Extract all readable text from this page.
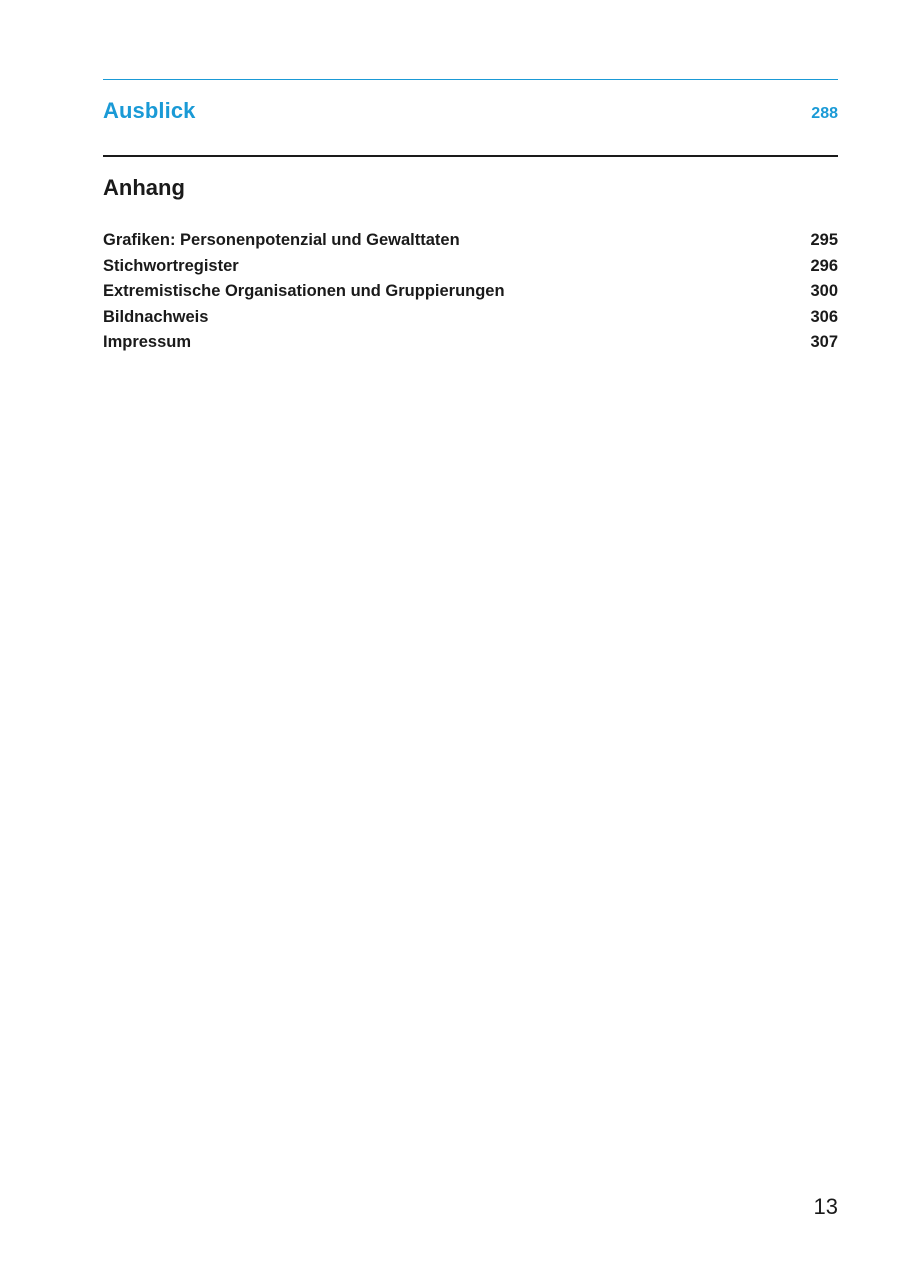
Ausblick	288
Anhang
Grafiken: Personenpotenzial und Gewalttaten	295
Stichwortregister	296
Extremistische Organisationen und Gruppierungen	300
Bildnachweis	306
Impressum	307
13
